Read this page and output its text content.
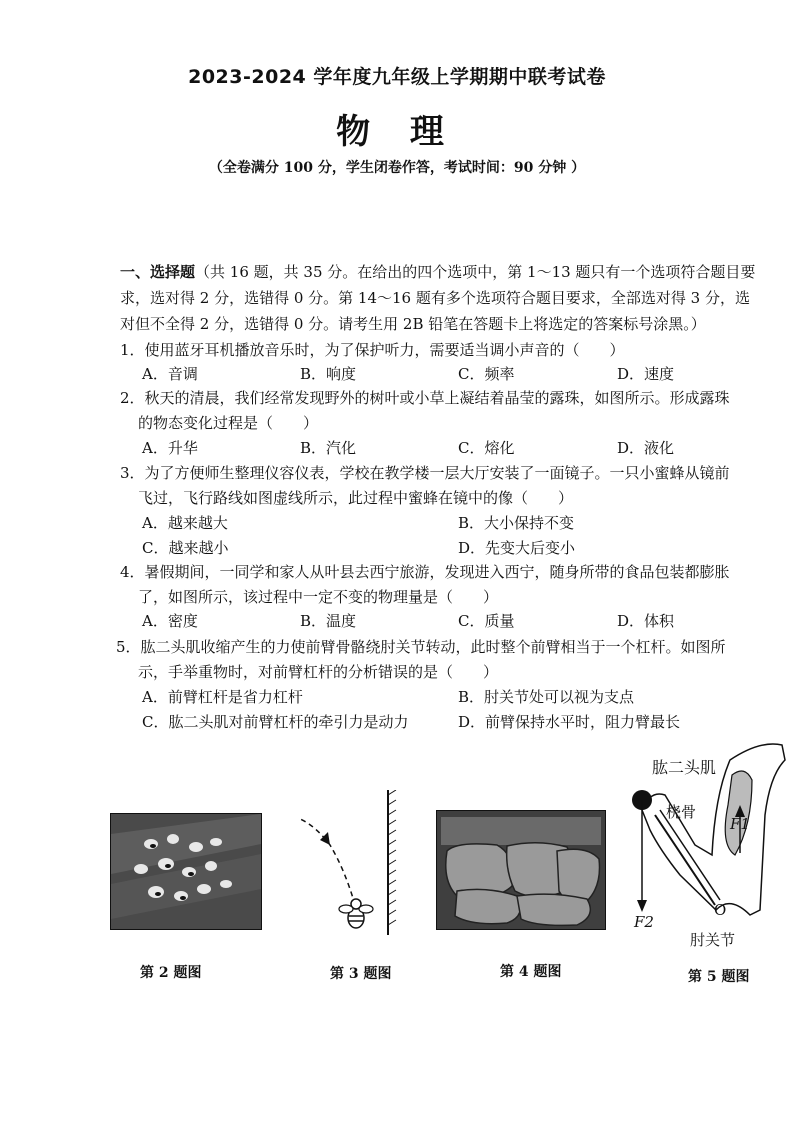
2023-2024 学年度九年级上学期期中联考试卷
物 理
（全卷满分 100 分，学生闭卷作答，考试时间：90 分钟 ）
一、选择题（共 16 题，共 35 分。在给出的四个选项中，第 1～13 题只有一个选项符合题目要
求，选对得 2 分，选错得 0 分。第 14～16 题有多个选项符合题目要求，全部选对得 3 分，选
对但不全得 2 分，选错得 0 分。请考生用 2B 铅笔在答题卡上将选定的答案标号涂黑。）
1．使用蓝牙耳机播放音乐时，为了保护听力，需要适当调小声音的（　　）
A．音调	B．响度	C．频率	D．速度
2．秋天的清晨，我们经常发现野外的树叶或小草上凝结着晶莹的露珠，如图所示。形成露珠
的物态变化过程是（　　）
A．升华	B．汽化	C．熔化	D．液化
3．为了方便师生整理仪容仪表，学校在教学楼一层大厅安装了一面镜子。一只小蜜蜂从镜前
飞过，飞行路线如图虚线所示，此过程中蜜蜂在镜中的像（　　）
A．越来越大	B．大小保持不变
C．越来越小	D．先变大后变小
4．暑假期间，一同学和家人从叶县去西宁旅游，发现进入西宁，随身所带的食品包装都膨胀
了，如图所示，该过程中一定不变的物理量是（　　）
A．密度	B．温度	C．质量	D．体积
5．肱二头肌收缩产生的力使前臂骨骼绕肘关节转动，此时整个前臂相当于一个杠杆。如图所
示，手举重物时，对前臂杠杆的分析错误的是（　　）
A．前臂杠杆是省力杠杆	B．肘关节处可以视为支点
C．肱二头肌对前臂杠杆的牵引力是动力	D．前臂保持水平时，阻力臂最长
肱二头肌
桡骨
F1
F2
O
肘关节
第 2 题图	第 3 题图	第 4 题图	第 5 题图
